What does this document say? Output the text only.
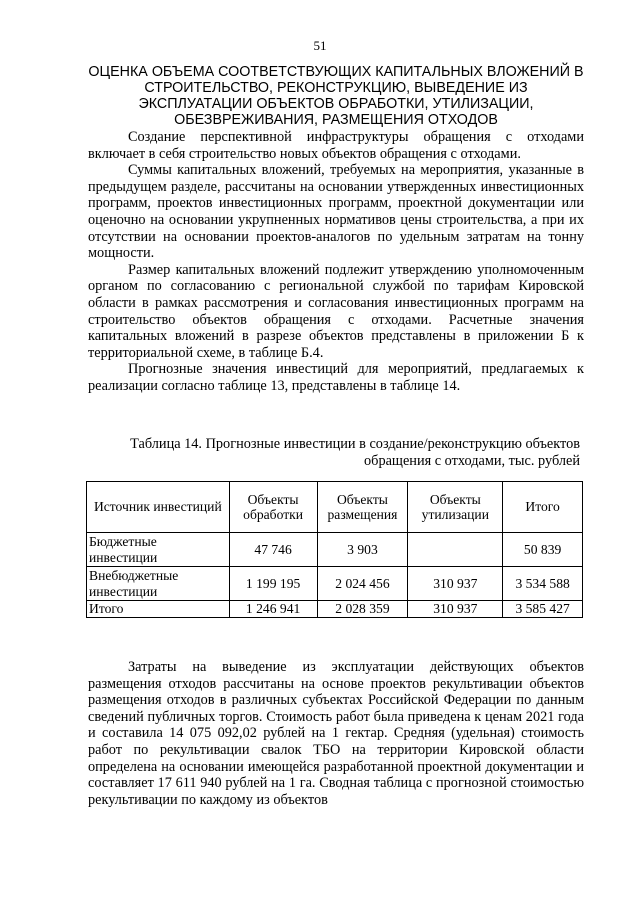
51
ОЦЕНКА ОБЪЕМА СООТВЕТСТВУЮЩИХ КАПИТАЛЬНЫХ ВЛОЖЕНИЙ В СТРОИТЕЛЬСТВО, РЕКОНСТРУКЦИЮ, ВЫВЕДЕНИЕ ИЗ ЭКСПЛУАТАЦИИ ОБЪЕКТОВ ОБРАБОТКИ, УТИЛИЗАЦИИ, ОБЕЗВРЕЖИВАНИЯ, РАЗМЕЩЕНИЯ ОТХОДОВ

Создание перспективной инфраструктуры обращения с отходами включает в себя строительство новых объектов обращения с отходами.

Суммы капитальных вложений, требуемых на мероприятия, указанные в предыдущем разделе, рассчитаны на основании утвержденных инвестиционных программ, проектов инвестиционных программ, проектной документации или оценочно на основании укрупненных нормативов цены строительства, а при их отсутствии на основании проектов-аналогов по удельным затратам на тонну мощности.

Размер капитальных вложений подлежит утверждению уполномоченным органом по согласованию с региональной службой по тарифам Кировской области в рамках рассмотрения и согласования инвестиционных программ на строительство объектов обращения с отходами. Расчетные значения капитальных вложений в разрезе объектов представлены в приложении Б к территориальной схеме, в таблице Б.4.

Прогнозные значения инвестиций для мероприятий, предлагаемых к реализации согласно таблице 13, представлены в таблице 14.

Таблица 14. Прогнозные инвестиции в создание/реконструкцию объектов обращения с отходами, тыс. рублей
Источник инвестиций	Объекты обработки	Объекты размещения	Объекты утилизации	Итого
Бюджетные инвестиции	47 746	3 903		50 839
Внебюджетные инвестиции	1 199 195	2 024 456	310 937	3 534 588
Итого	1 246 941	2 028 359	310 937	3 585 427

Затраты на выведение из эксплуатации действующих объектов размещения отходов рассчитаны на основе проектов рекультивации объектов размещения отходов в различных субъектах Российской Федерации по данным сведений публичных торгов. Стоимость работ была приведена к ценам 2021 года и составила 14 075 092,02 рублей на 1 гектар. Средняя (удельная) стоимость работ по рекультивации свалок ТБО на территории Кировской области определена на основании имеющейся разработанной проектной документации и составляет 17 611 940 рублей на 1 га. Сводная таблица с прогнозной стоимостью рекультивации по каждому из объектов
